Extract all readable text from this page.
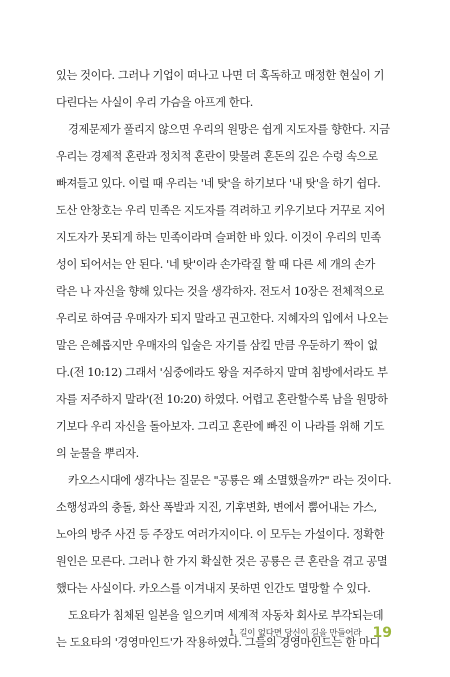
있는 것이다. 그러나 기업이 떠나고 나면 더 혹독하고 매정한 현실이 기
다린다는 사실이 우리 가슴을 아프게 한다.
경제문제가 풀리지 않으면 우리의 원망은 쉽게 지도자를 향한다. 지금
우리는 경제적 혼란과 정치적 혼란이 맞물려 혼돈의 깊은 수렁 속으로
빠져들고 있다. 이럴 때 우리는 '네 탓'을 하기보다 '내 탓'을 하기 쉽다.
도산 안창호는 우리 민족은 지도자를 격려하고 키우기보다 거꾸로 지어
지도자가 못되게 하는 민족이라며 슬퍼한 바 있다. 이것이 우리의 민족
성이 되어서는 안 된다. '네 탓'이라 손가락질 할 때 다른 세 개의 손가
락은 나 자신을 향해 있다는 것을 생각하자. 전도서 10장은 전체적으로
우리로 하여금 우매자가 되지 말라고 권고한다. 지혜자의 입에서 나오는
말은 은혜롭지만 우매자의 입술은 자기를 삼킬 만큼 우둔하기 짝이 없
다.(전 10:12) 그래서 '심중에라도 왕을 저주하지 말며 침방에서라도 부
자를 저주하지 말라'(전 10:20) 하였다. 어렵고 혼란할수록 남을 원망하
기보다 우리 자신을 돌아보자. 그리고 혼란에 빠진 이 나라를 위해 기도
의 눈물을 뿌리자.
카오스시대에 생각나는 질문은 "공룡은 왜 소멸했을까?" 라는 것이다.
소행성과의 충돌, 화산 폭발과 지진, 기후변화, 변에서 뿜어내는 가스,
노아의 방주 사건 등 주장도 여러가지이다. 이 모두는 가설이다. 정확한
원인은 모른다. 그러나 한 가지 확실한 것은 공룡은 큰 혼란을 겪고 공멸
했다는 사실이다. 카오스를 이겨내지 못하면 인간도 멸망할 수 있다.
도요타가 침체된 일본을 일으키며 세계적 자동차 회사로 부각되는데
는 도요타의 '경영마인드'가 작용하였다. 그들의 경영마인드는 한 마디
1. 길이 없다면 당신이 길을 만들어라 19
